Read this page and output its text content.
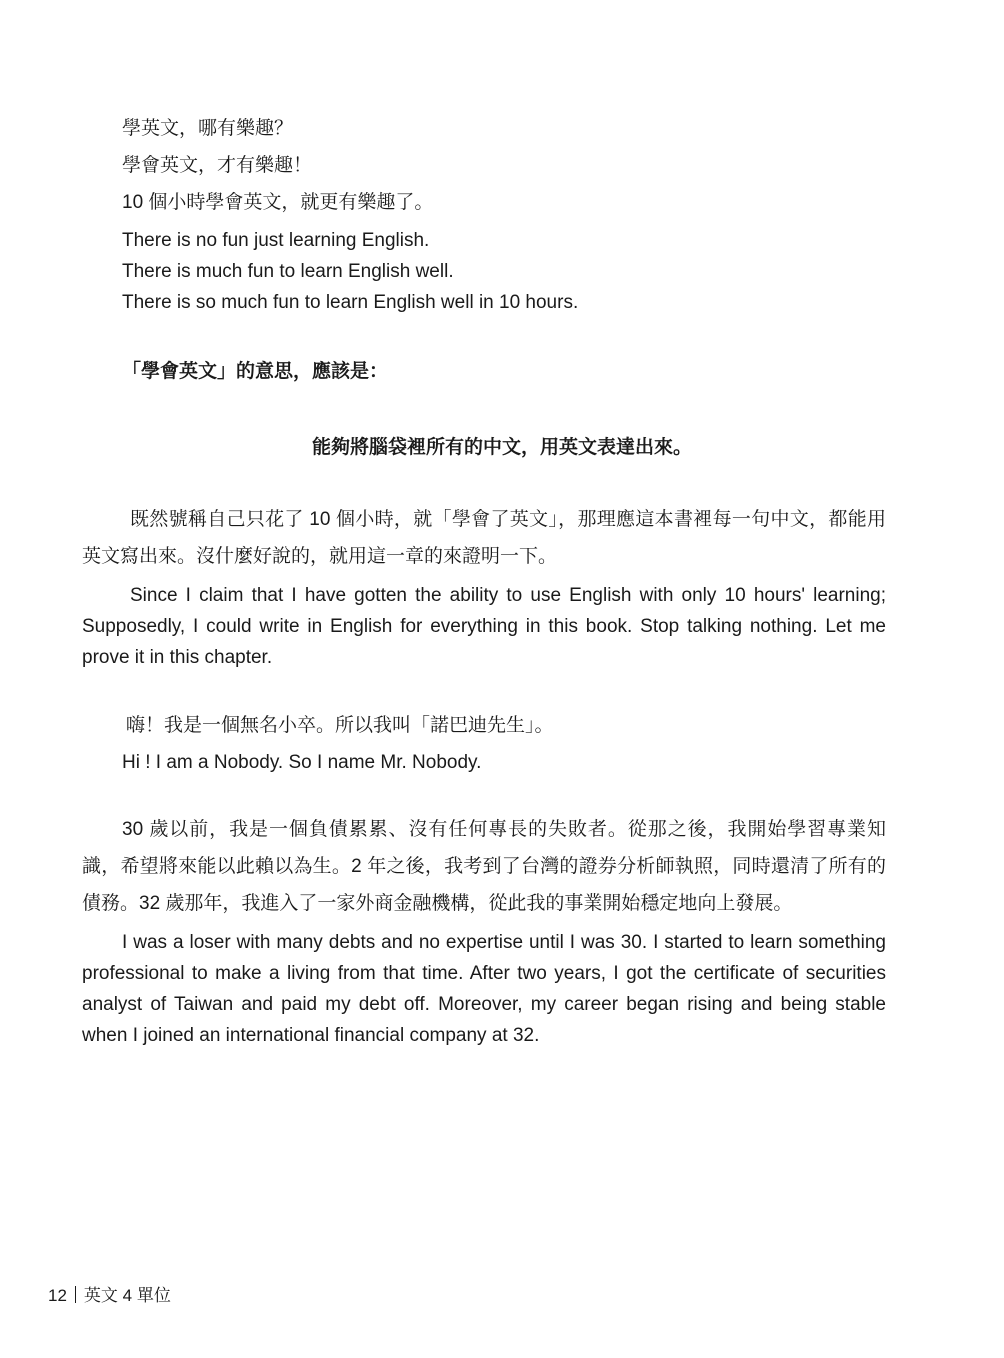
學英文，哪有樂趣？
學會英文，才有樂趣！
10 個小時學會英文，就更有樂趣了。
There is no fun just learning English.
There is much fun to learn English well.
There is so much fun to learn English well in 10 hours.
「學會英文」的意思，應該是：
能夠將腦袋裡所有的中文，用英文表達出來。
既然號稱自己只花了 10 個小時，就「學會了英文」，那理應這本書裡每一句中文，都能用英文寫出來。沒什麼好說的，就用這一章的來證明一下。
Since I claim that I have gotten the ability to use English with only 10 hours' learning; Supposedly, I could write in English for everything in this book. Stop talking nothing. Let me prove it in this chapter.
嗨！我是一個無名小卒。所以我叫「諾巴迪先生」。
Hi ! I am a Nobody. So I name Mr. Nobody.
30 歲以前，我是一個負債累累、沒有任何專長的失敗者。從那之後，我開始學習專業知識，希望將來能以此賴以為生。2 年之後，我考到了台灣的證券分析師執照，同時還清了所有的債務。32 歲那年，我進入了一家外商金融機構，從此我的事業開始穩定地向上發展。
I was a loser with many debts and no expertise until I was 30. I started to learn something professional to make a living from that time. After two years, I got the certificate of securities analyst of Taiwan and paid my debt off. Moreover, my career began rising and being stable when I joined an international financial company at 32.
12 英文 4 單位
